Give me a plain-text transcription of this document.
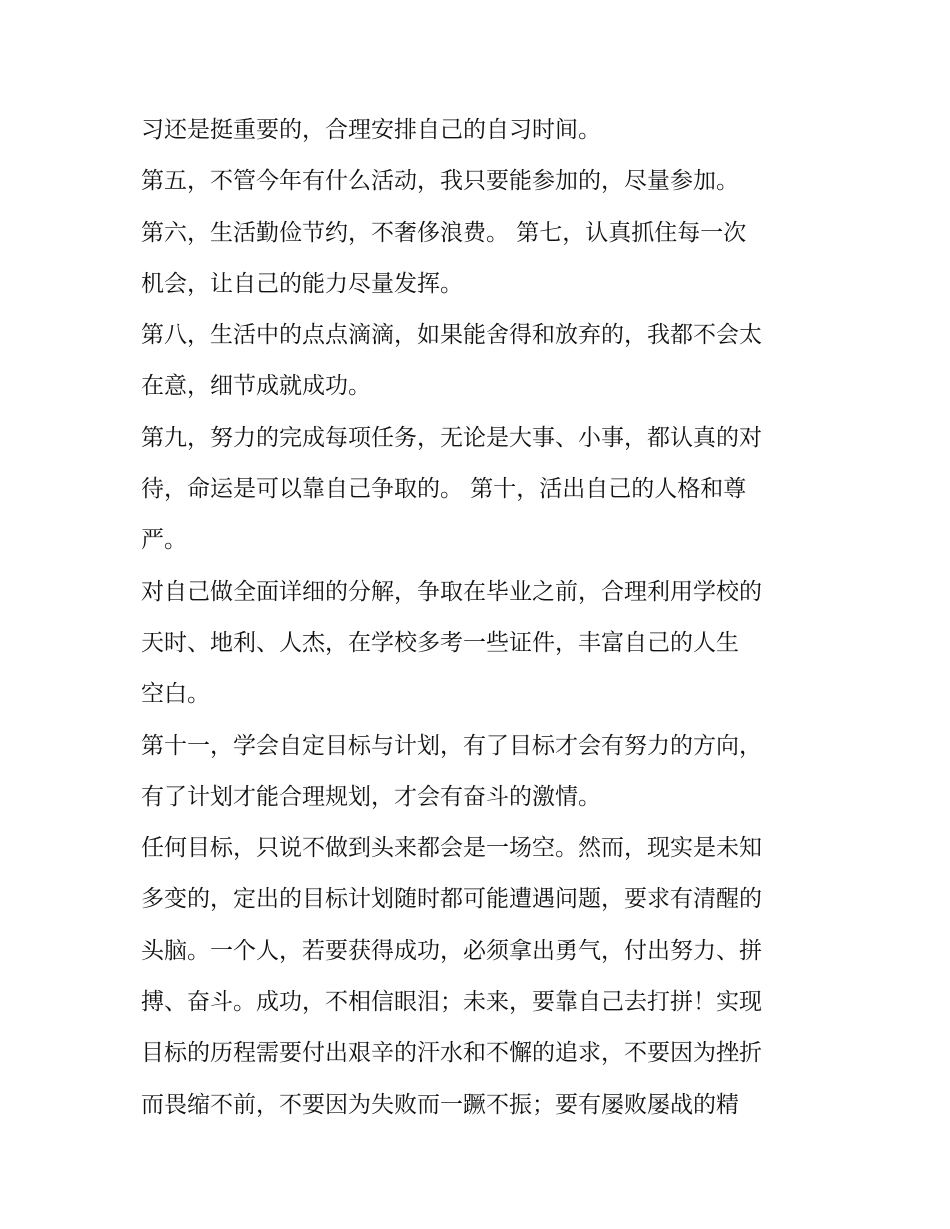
习还是挺重要的，合理安排自己的自习时间。
第五，不管今年有什么活动，我只要能参加的，尽量参加。
第六，生活勤俭节约，不奢侈浪费。 第七，认真抓住每一次
机会，让自己的能力尽量发挥。
第八，生活中的点点滴滴，如果能舍得和放弃的，我都不会太
在意，细节成就成功。
第九，努力的完成每项任务，无论是大事、小事，都认真的对
待，命运是可以靠自己争取的。 第十，活出自己的人格和尊
严。
对自己做全面详细的分解，争取在毕业之前，合理利用学校的
天时、地利、人杰，在学校多考一些证件，丰富自己的人生
空白。
第十一，学会自定目标与计划，有了目标才会有努力的方向，
有了计划才能合理规划，才会有奋斗的激情。
任何目标，只说不做到头来都会是一场空。然而，现实是未知
多变的，定出的目标计划随时都可能遭遇问题，要求有清醒的
头脑。一个人，若要获得成功，必须拿出勇气，付出努力、拼
搏、奋斗。成功，不相信眼泪；未来，要靠自己去打拼！实现
目标的历程需要付出艰辛的汗水和不懈的追求，不要因为挫折
而畏缩不前，不要因为失败而一蹶不振；要有屡败屡战的精
